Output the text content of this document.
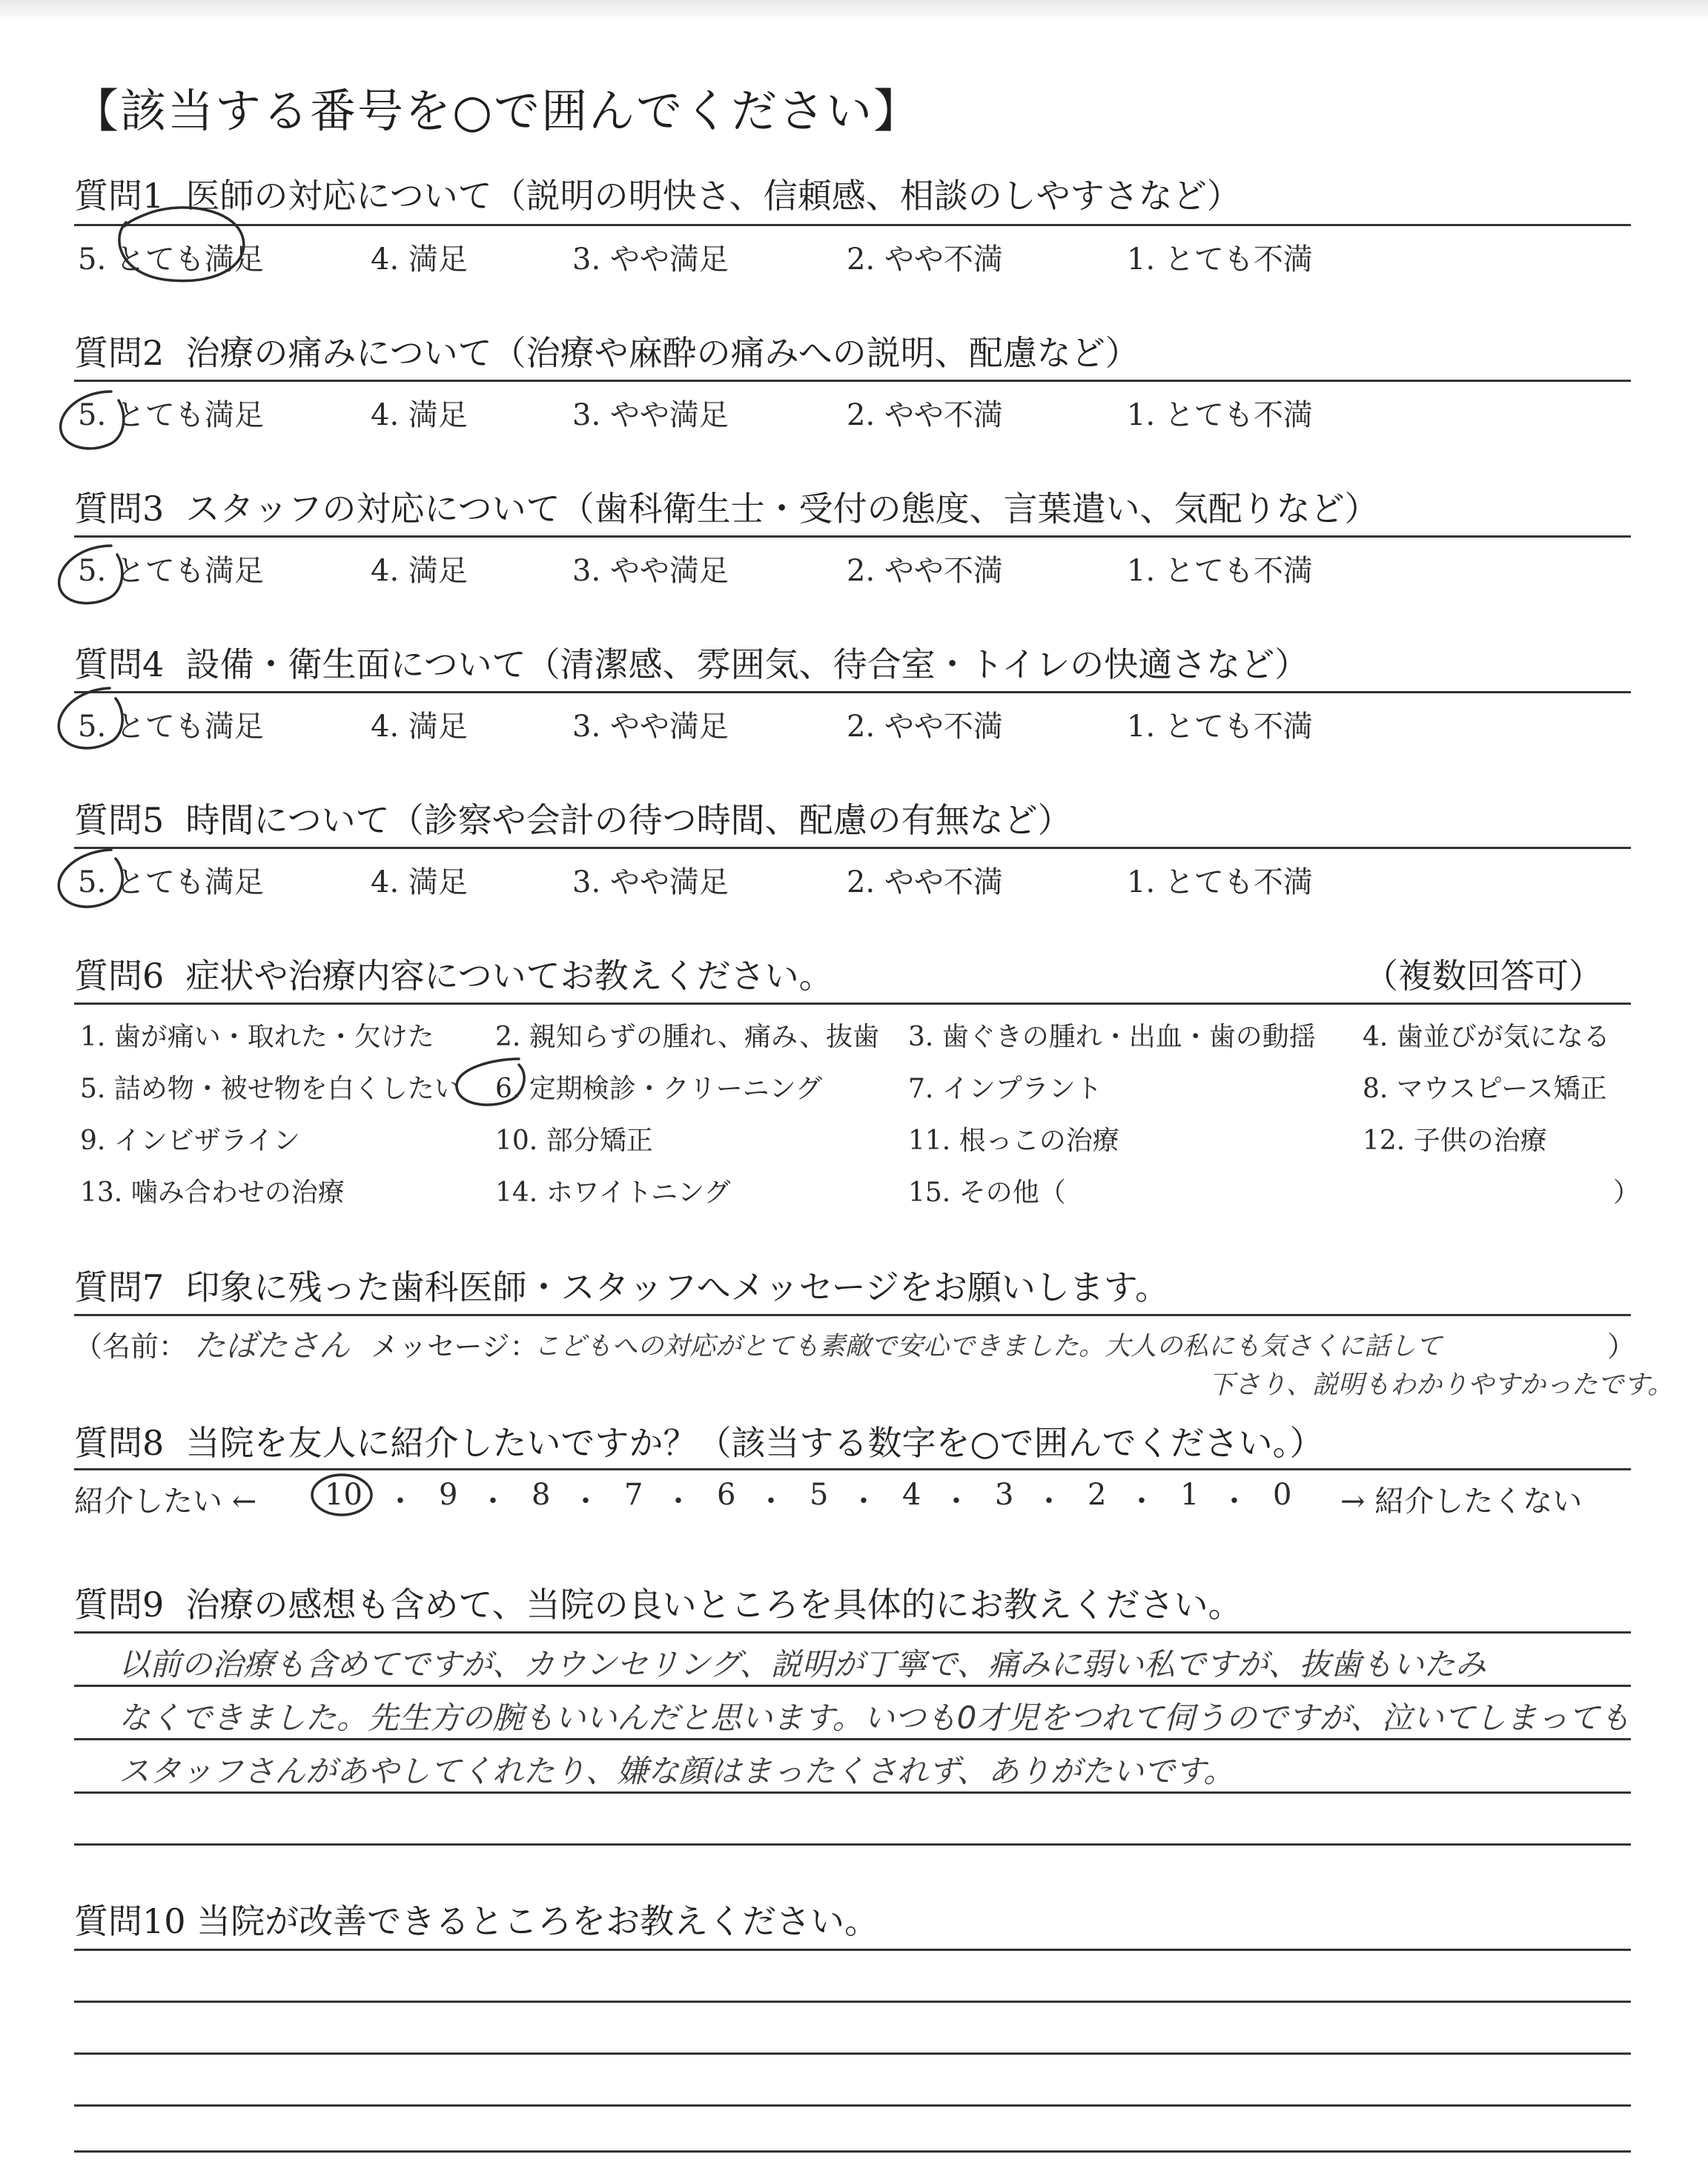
【該当する番号を○で囲んでください】
質問1 医師の対応について（説明の明快さ、信頼感、相談のしやすさなど）
5. とても満足	4. 満足	3. やや満足	2. やや不満	1. とても不満
質問2 治療の痛みについて（治療や麻酔の痛みへの説明、配慮など）
5. とても満足	4. 満足	3. やや満足	2. やや不満	1. とても不満
質問3 スタッフの対応について（歯科衛生士・受付の態度、言葉遣い、気配りなど）
5. とても満足	4. 満足	3. やや満足	2. やや不満	1. とても不満
質問4 設備・衛生面について（清潔感、雰囲気、待合室・トイレの快適さなど）
5. とても満足	4. 満足	3. やや満足	2. やや不満	1. とても不満
質問5 時間について（診察や会計の待つ時間、配慮の有無など）
5. とても満足	4. 満足	3. やや満足	2. やや不満	1. とても不満
質問6 症状や治療内容についてお教えください。	（複数回答可）
1. 歯が痛い・取れた・欠けた 2. 親知らずの腫れ、痛み、抜歯 3. 歯ぐきの腫れ・出血・歯の動揺 4. 歯並びが気になる
5. 詰め物・被せ物を白くしたい 6. 定期検診・クリーニング	7. インプラント	8. マウスピース矯正
9. インビザライン	10. 部分矯正	11. 根っこの治療	12. 子供の治療
13. 噛み合わせの治療	14. ホワイトニング	15. その他（	）
質問7 印象に残った歯科医師・スタッフへメッセージをお願いします。
（名前： たばたさん メッセージ：
こどもへの対応がとても素敵で安心できました。大人の私にも気さくに話して	）
下さり、説明もわかりやすかったです。
質問8 当院を友人に紹介したいですか？（該当する数字を○で囲んでください。）
紹介したい ← 10 ・ 9 ・ 8 ・ 7 ・ 6 ・ 5 ・ 4 ・ 3 ・ 2 ・ 1 ・ 0 → 紹介したくない
質問9 治療の感想も含めて、当院の良いところを具体的にお教えください。
以前の治療も含めてですが、カウンセリング、説明が丁寧で、痛みに弱い私ですが、抜歯もいたみ
なくできました。先生方の腕もいいんだと思います。いつも0才児をつれて伺うのですが、泣いてしまっても
スタッフさんがあやしてくれたり、嫌な顔はまったくされず、ありがたいです。
質問10 当院が改善できるところをお教えください。
